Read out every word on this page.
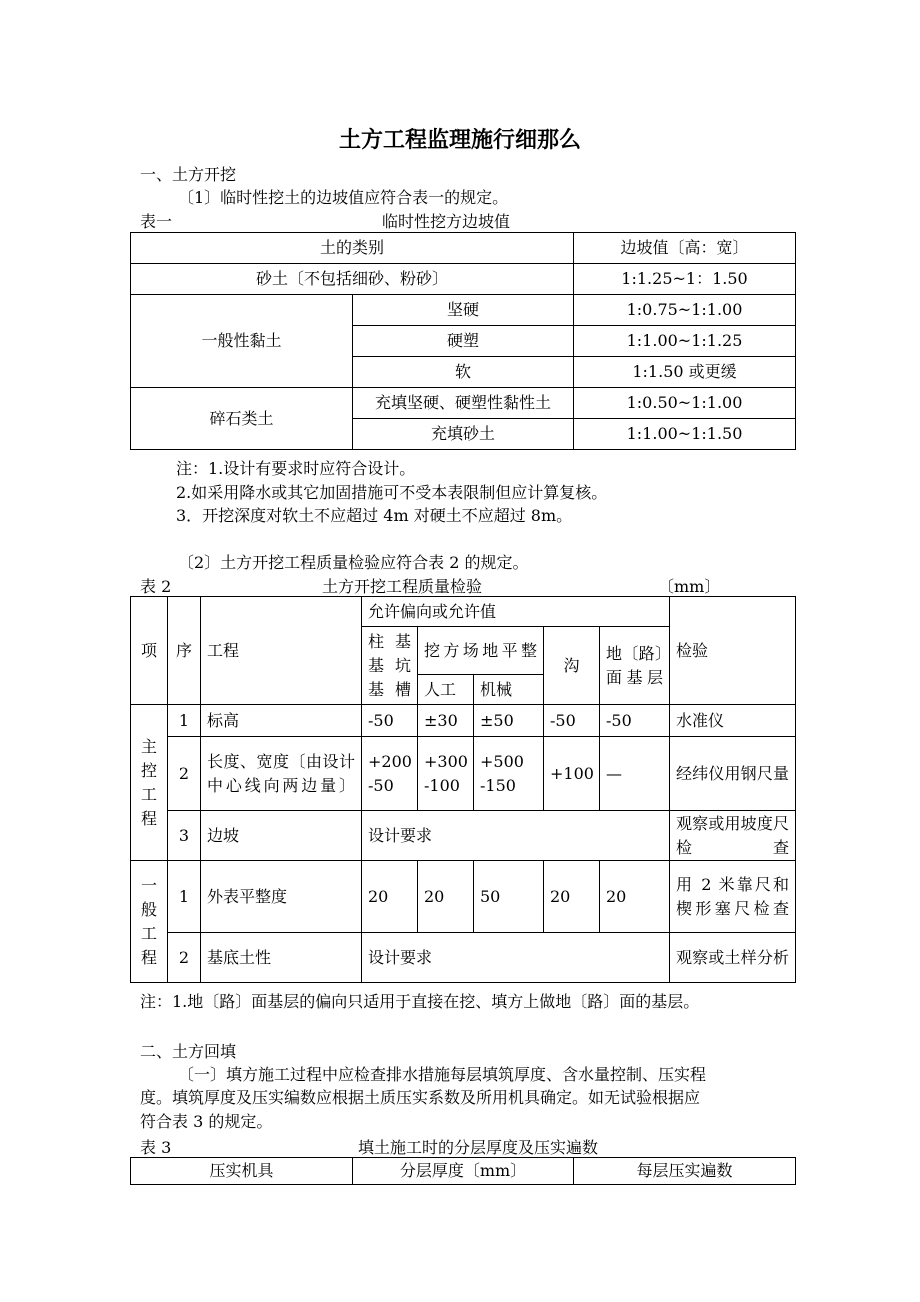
土方工程监理施行细那么
一、土方开挖
〔1〕临时性挖土的边坡值应符合表一的规定。
表一	临时性挖方边坡值
土的类别		边坡值〔高：宽〕
砂土〔不包括细砂、粉砂〕		1:1.25~1：1.50
一般性黏土	坚硬	1:0.75~1:1.00
	硬塑	1:1.00~1:1.25
	软	1:1.50 或更缓
碎石类土	充填坚硬、硬塑性黏性土	1:0.50~1:1.00
	充填砂土	1:1.00~1:1.50
注：1.设计有要求时应符合设计。
2.如采用降水或其它加固措施可不受本表限制但应计算复核。
3．开挖深度对软土不应超过 4m 对硬土不应超过 8m。
〔2〕土方开挖工程质量检验应符合表 2 的规定。
表 2	土方开挖工程质量检验	〔mm〕
项	序	工程	允许偏向或允许值					检验
			柱基基坑基槽	挖方场地平整		沟	地〔路〕面基层	
				人工	机械			
主控工程	1	标高	-50	±30	±50	-50	-50	水准仪
	2	长度、宽度〔由设计中心线向两边量〕	+200 -50	+300 -100	+500 -150	+100	—	经纬仪用钢尺量
	3	边坡	设计要求					观察或用坡度尺检查
一般工程	1	外表平整度	20	20	50	20	20	用 2 米靠尺和楔形塞尺检查
	2	基底土性	设计要求					观察或土样分析
注：1.地〔路〕面基层的偏向只适用于直接在挖、填方上做地〔路〕面的基层。
二、土方回填
〔一〕填方施工过程中应检查排水措施每层填筑厚度、含水量控制、压实程
度。填筑厚度及压实编数应根据土质压实系数及所用机具确定。如无试验根据应
符合表 3 的规定。
表 3	填土施工时的分层厚度及压实遍数
压实机具	分层厚度〔mm〕	每层压实遍数
